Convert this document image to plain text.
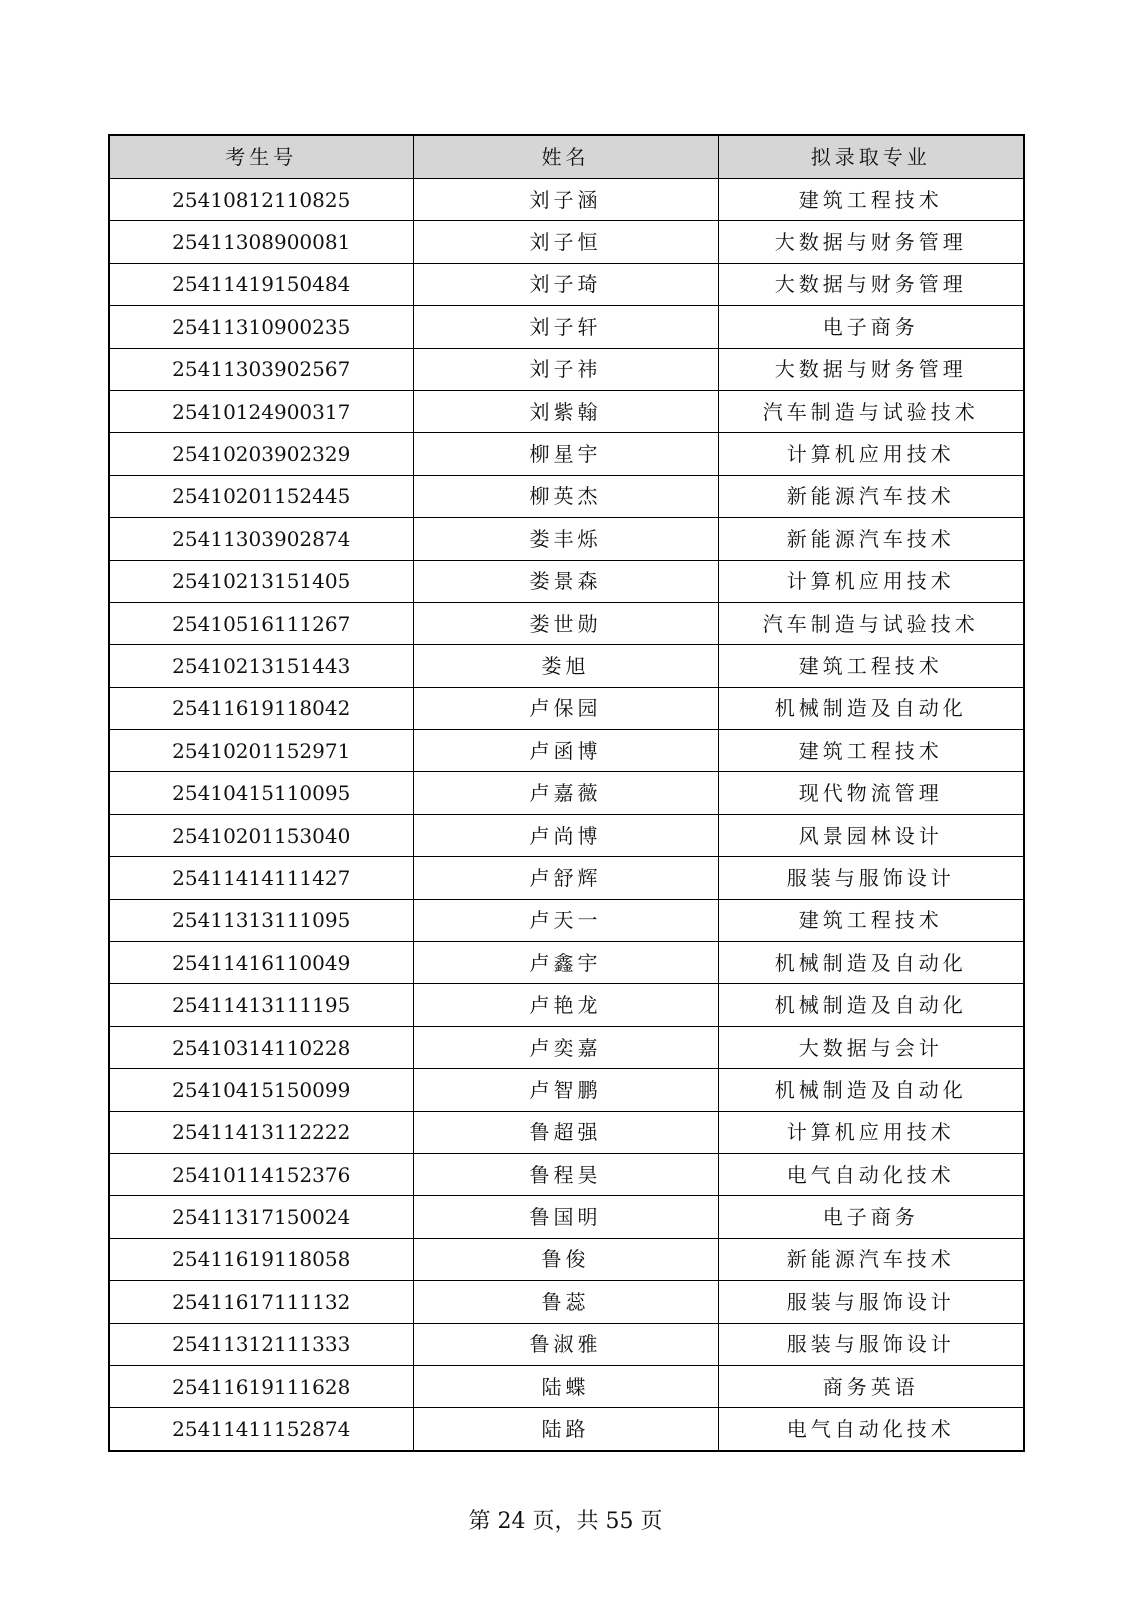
考生号	姓名	拟录取专业
25410812110825	刘子涵	建筑工程技术
25411308900081	刘子恒	大数据与财务管理
25411419150484	刘子琦	大数据与财务管理
25411310900235	刘子轩	电子商务
25411303902567	刘子祎	大数据与财务管理
25410124900317	刘紫翰	汽车制造与试验技术
25410203902329	柳星宇	计算机应用技术
25410201152445	柳英杰	新能源汽车技术
25411303902874	娄丰烁	新能源汽车技术
25410213151405	娄景森	计算机应用技术
25410516111267	娄世勋	汽车制造与试验技术
25410213151443	娄旭	建筑工程技术
25411619118042	卢保园	机械制造及自动化
25410201152971	卢函博	建筑工程技术
25410415110095	卢嘉薇	现代物流管理
25410201153040	卢尚博	风景园林设计
25411414111427	卢舒辉	服装与服饰设计
25411313111095	卢天一	建筑工程技术
25411416110049	卢鑫宇	机械制造及自动化
25411413111195	卢艳龙	机械制造及自动化
25410314110228	卢奕嘉	大数据与会计
25410415150099	卢智鹏	机械制造及自动化
25411413112222	鲁超强	计算机应用技术
25410114152376	鲁程昊	电气自动化技术
25411317150024	鲁国明	电子商务
25411619118058	鲁俊	新能源汽车技术
25411617111132	鲁蕊	服装与服饰设计
25411312111333	鲁淑雅	服装与服饰设计
25411619111628	陆蝶	商务英语
25411411152874	陆路	电气自动化技术
第 24 页，共 55 页
